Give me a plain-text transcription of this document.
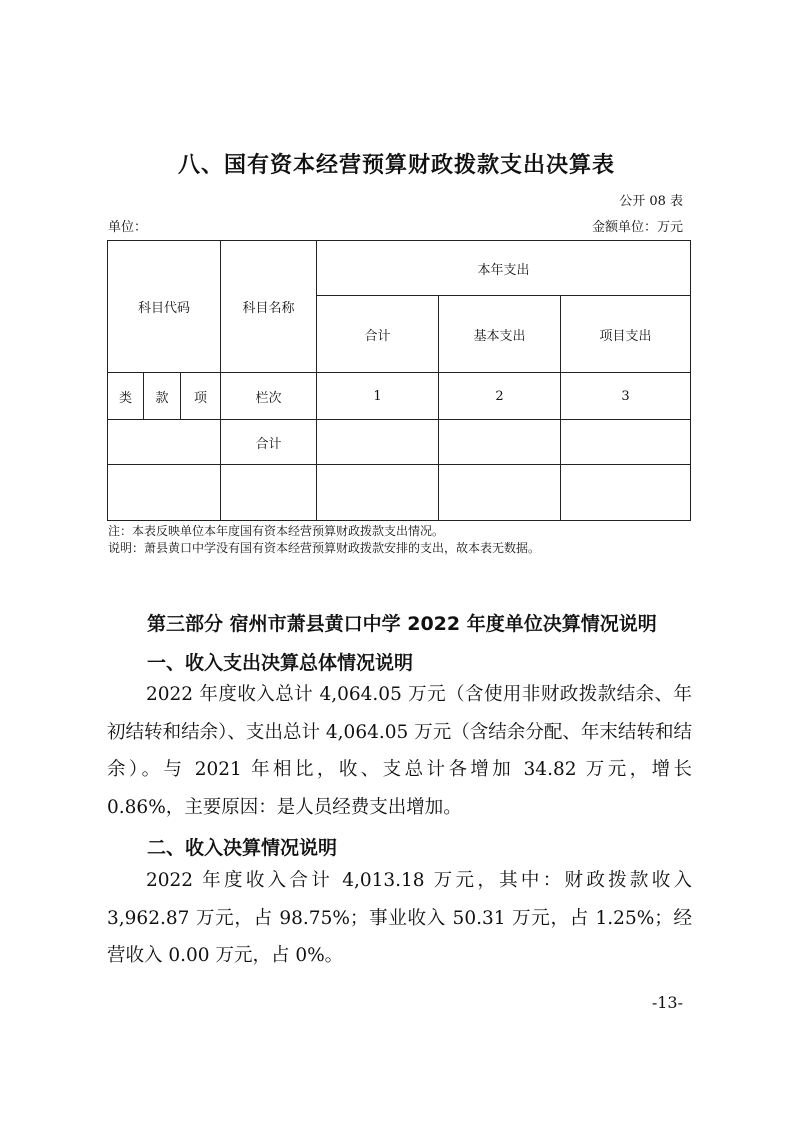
八、国有资本经营预算财政拨款支出决算表
公开 08 表
单位：	金额单位：万元
科目代码			科目名称	本年支出		
				合计	基本支出	项目支出
类	款	项	栏次	1	2	3
			合计			

注：本表反映单位本年度国有资本经营预算财政拨款支出情况。
说明：萧县黄口中学没有国有资本经营预算财政拨款安排的支出，故本表无数据。
第三部分 宿州市萧县黄口中学 2022 年度单位决算情况说明
一、收入支出决算总体情况说明

2022 年度收入总计 4,064.05 万元（含使用非财政拨款结余、年初结转和结余）、支出总计 4,064.05 万元（含结余分配、年末结转和结余）。与 2021 年相比，收、支总计各增加 34.82 万元，增长 0.86%，主要原因：是人员经费支出增加。

二、收入决算情况说明

2022 年度收入合计 4,013.18 万元，其中：财政拨款收入 3,962.87 万元，占 98.75%；事业收入 50.31 万元，占 1.25%；经营收入 0.00 万元，占 0%。

-13-
